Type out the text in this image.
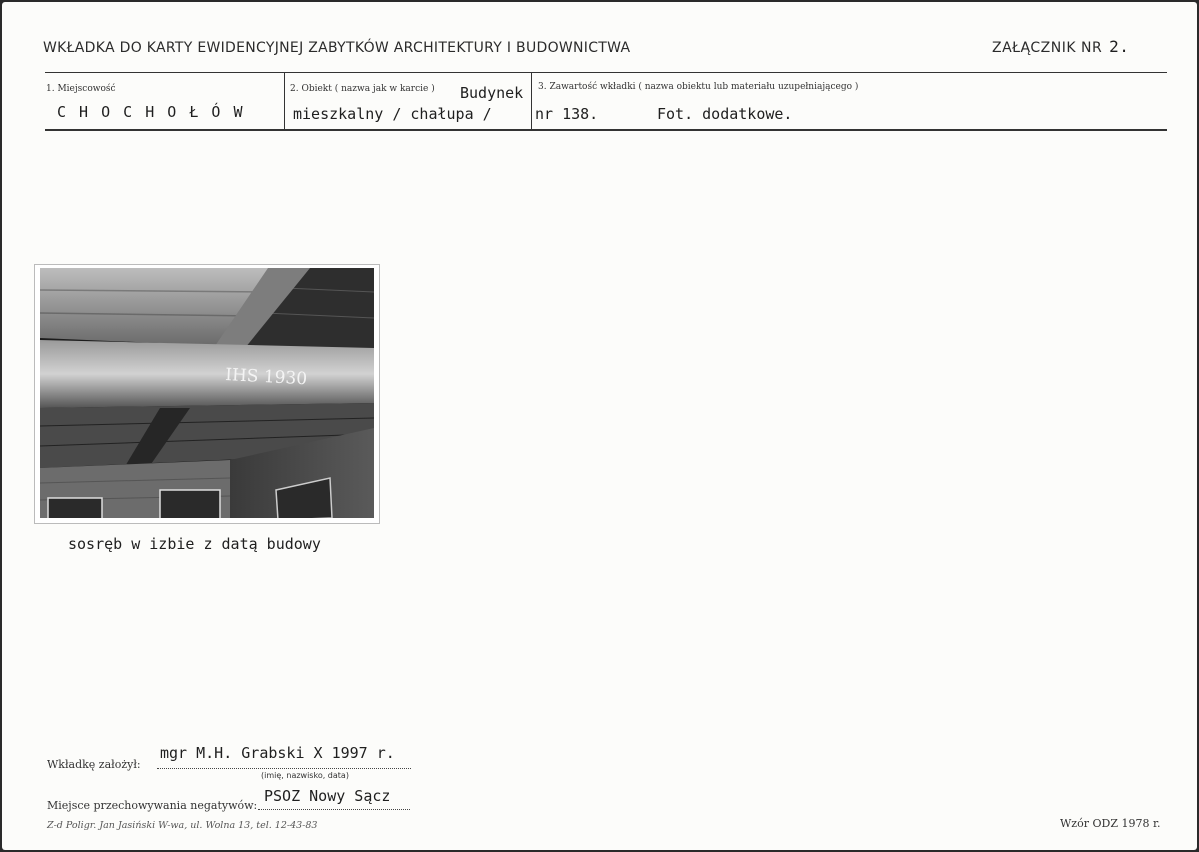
WKŁADKA DO KARTY EWIDENCYJNEJ ZABYTKÓW ARCHITEKTURY I BUDOWNICTWA	ZAŁĄCZNIK NR 2.
1. Miejscowość
C H O C H O Ł Ó W
2. Obiekt ( nazwa jak w karcie ) Budynek
mieszkalny / chałupa /
3. Zawartość wkładki ( nazwa obiektu lub materiału uzupełniającego )
nr 138.	Fot. dodatkowe.
IHS 1930
sosręb w izbie z datą budowy
Wkładkę założył:
mgr M.H. Grabski X 1997 r.
(imię, nazwisko, data)
Miejsce przechowywania negatywów:
PSOZ Nowy Sącz
Z-d Poligr. Jan Jasiński W-wa, ul. Wolna 13, tel. 12-43-83	Wzór ODZ 1978 r.
